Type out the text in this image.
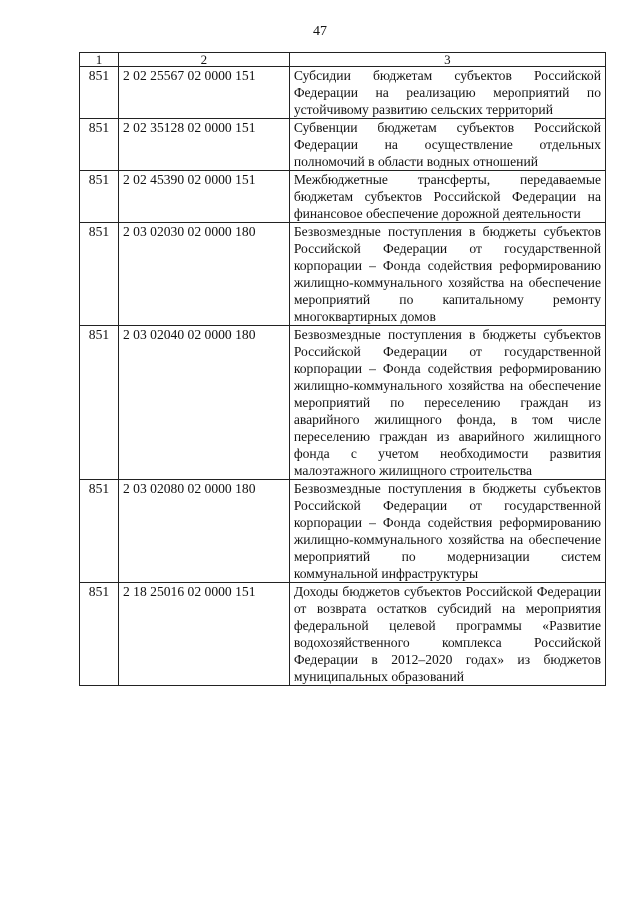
47
1	2	3
851	2 02 25567 02 0000 151	Субсидии бюджетам субъектов Российской Федерации на реализацию мероприятий по устойчивому развитию сельских территорий
851	2 02 35128 02 0000 151	Субвенции бюджетам субъектов Российской Федерации на осуществление отдельных полномочий в области водных отношений
851	2 02 45390 02 0000 151	Межбюджетные трансферты, передаваемые бюджетам субъектов Российской Федерации на финансовое обеспечение дорожной деятельности
851	2 03 02030 02 0000 180	Безвозмездные поступления в бюджеты субъектов Российской Федерации от государственной корпорации – Фонда содействия реформированию жилищно-коммунального хозяйства на обеспечение мероприятий по капитальному ремонту многоквартирных домов
851	2 03 02040 02 0000 180	Безвозмездные поступления в бюджеты субъектов Российской Федерации от государственной корпорации – Фонда содействия реформированию жилищно-коммунального хозяйства на обеспечение мероприятий по переселению граждан из аварийного жилищного фонда, в том числе переселению граждан из аварийного жилищного фонда с учетом необходимости развития малоэтажного жилищного строительства
851	2 03 02080 02 0000 180	Безвозмездные поступления в бюджеты субъектов Российской Федерации от государственной корпорации – Фонда содействия реформированию жилищно-коммунального хозяйства на обеспечение мероприятий по модернизации систем коммунальной инфраструктуры
851	2 18 25016 02 0000 151	Доходы бюджетов субъектов Российской Федерации от возврата остатков субсидий на мероприятия федеральной целевой программы «Развитие водохозяйственного комплекса Российской Федерации в 2012–2020 годах» из бюджетов муниципальных образований
